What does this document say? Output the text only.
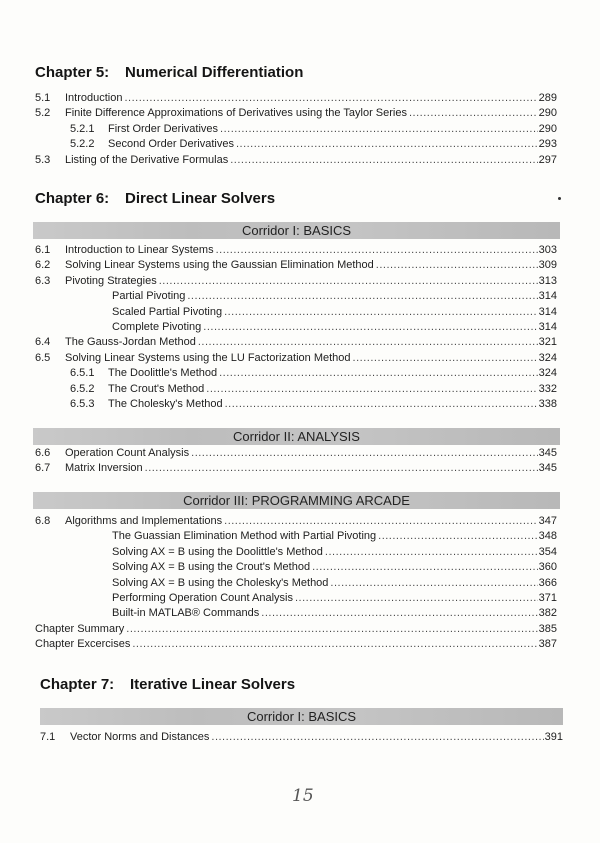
15
Chapter 5: Numerical Differentiation
5.1 Introduction .....	289
5.2 Finite Difference Approximations of Derivatives using the Taylor Series .....	290
5.2.1 First Order Derivatives .....	290
5.2.2 Second Order Derivatives .....	293
5.3 Listing of the Derivative Formulas .....	297
Chapter 6: Direct Linear Solvers
Corridor I: BASICS
6.1 Introduction to Linear Systems .....	303
6.2 Solving Linear Systems using the Gaussian Elimination Method .....	309
6.3 Pivoting Strategies .....	313
Partial Pivoting .....	314
Scaled Partial Pivoting .....	314
Complete Pivoting .....	314
6.4 The Gauss-Jordan Method .....	321
6.5 Solving Linear Systems using the LU Factorization Method .....	324
6.5.1 The Doolittle's Method .....	324
6.5.2 The Crout's Method .....	332
6.5.3 The Cholesky's Method .....	338
Corridor II: ANALYSIS
6.6 Operation Count Analysis .....	345
6.7 Matrix Inversion .....	345
Corridor III: PROGRAMMING ARCADE
6.8 Algorithms and Implementations .....	347
The Guassian Elimination Method with Partial Pivoting .....	348
Solving AX = B using the Doolittle's Method .....	354
Solving AX = B using the Crout's Method .....	360
Solving AX = B using the Cholesky's Method .....	366
Performing Operation Count Analysis .....	371
Built-in MATLAB® Commands .....	382
Chapter Summary .....	385
Chapter Excercises .....	387
Chapter 7: Iterative Linear Solvers
Corridor I: BASICS
7.1 Vector Norms and Distances .....	391
